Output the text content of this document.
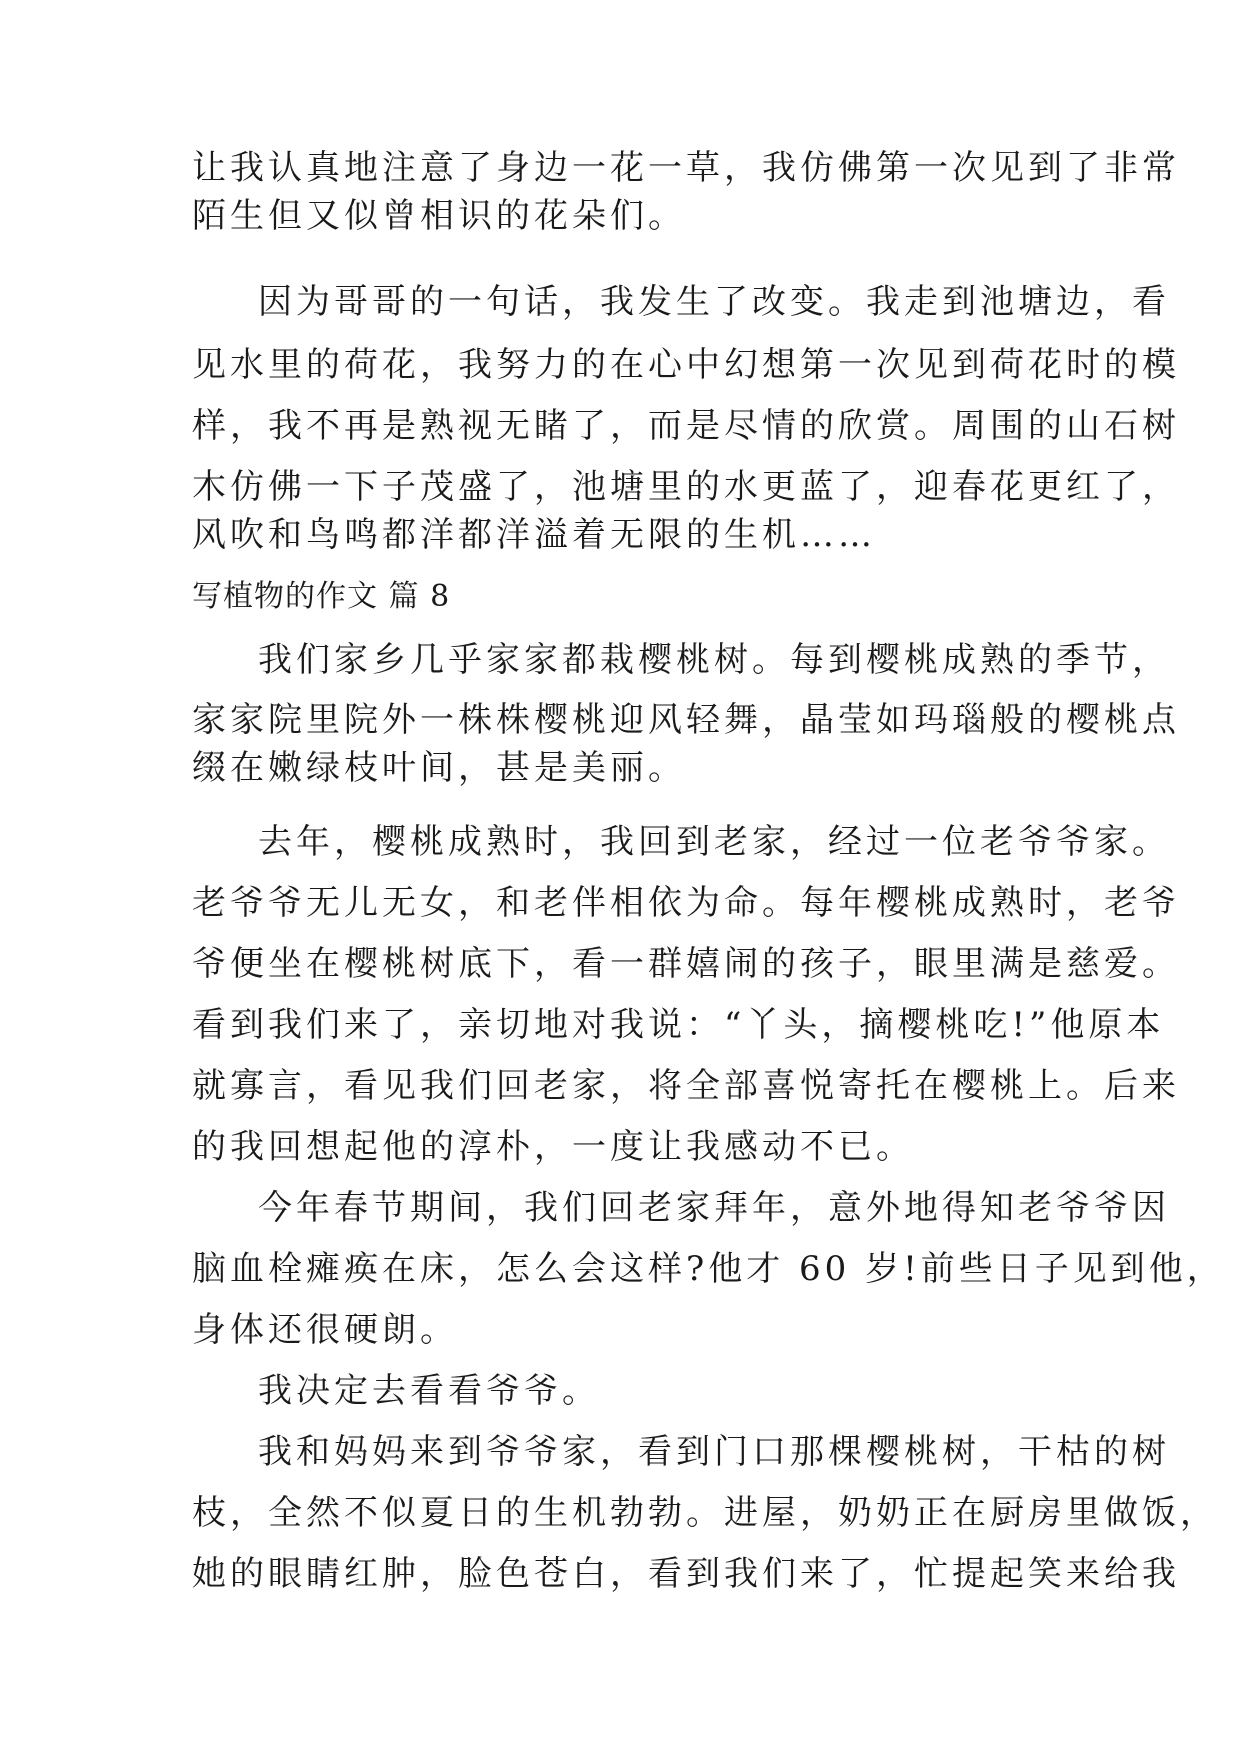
让我认真地注意了身边一花一草，我仿佛第一次见到了非常
陌生但又似曾相识的花朵们。
因为哥哥的一句话，我发生了改变。我走到池塘边，看
见水里的荷花，我努力的在心中幻想第一次见到荷花时的模
样，我不再是熟视无睹了，而是尽情的欣赏。周围的山石树
木仿佛一下子茂盛了，池塘里的水更蓝了，迎春花更红了，
风吹和鸟鸣都洋都洋溢着无限的生机……
写植物的作文 篇 8
我们家乡几乎家家都栽樱桃树。每到樱桃成熟的季节，
家家院里院外一株株樱桃迎风轻舞，晶莹如玛瑙般的樱桃点
缀在嫩绿枝叶间，甚是美丽。
去年，樱桃成熟时，我回到老家，经过一位老爷爷家。
老爷爷无儿无女，和老伴相依为命。每年樱桃成熟时，老爷
爷便坐在樱桃树底下，看一群嬉闹的孩子，眼里满是慈爱。
看到我们来了，亲切地对我说：“丫头，摘樱桃吃!”他原本
就寡言，看见我们回老家，将全部喜悦寄托在樱桃上。后来
的我回想起他的淳朴，一度让我感动不已。
今年春节期间，我们回老家拜年，意外地得知老爷爷因
脑血栓瘫痪在床，怎么会这样?他才 60 岁!前些日子见到他，
身体还很硬朗。
我决定去看看爷爷。
我和妈妈来到爷爷家，看到门口那棵樱桃树，干枯的树
枝，全然不似夏日的生机勃勃。进屋，奶奶正在厨房里做饭，
她的眼睛红肿，脸色苍白，看到我们来了，忙提起笑来给我
